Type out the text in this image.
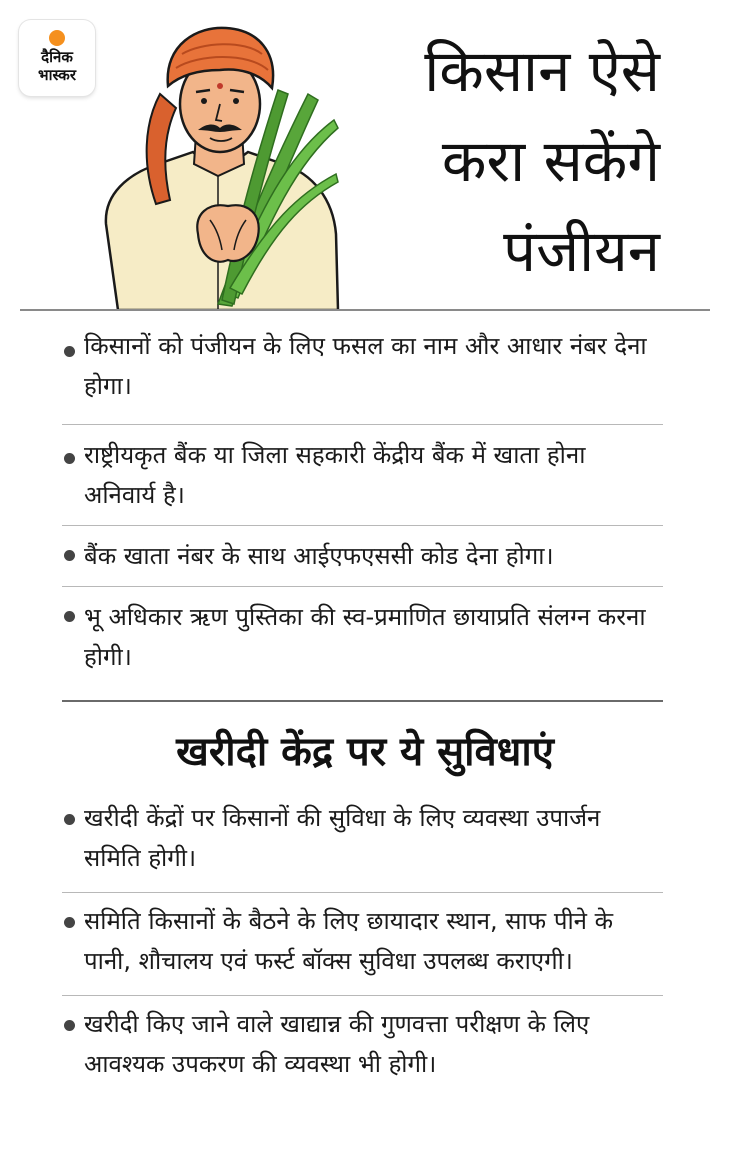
दैनिक
भास्कर	किसान ऐसे
करा सकेंगे
पंजीयन
किसानों को पंजीयन के लिए फसल का नाम और आधार नंबर देना होगा।
राष्ट्रीयकृत बैंक या जिला सहकारी केंद्रीय बैंक में खाता होना अनिवार्य है।
बैंक खाता नंबर के साथ आईएफएससी कोड देना होगा।
भू अधिकार ऋण पुस्तिका की स्व-प्रमाणित छायाप्रति संलग्न करना होगी।
खरीदी केंद्र पर ये सुविधाएं
खरीदी केंद्रों पर किसानों की सुविधा के लिए व्यवस्था उपार्जन समिति होगी।
समिति किसानों के बैठने के लिए छायादार स्थान, साफ पीने के पानी, शौचालय एवं फर्स्ट बॉक्स सुविधा उपलब्ध कराएगी।
खरीदी किए जाने वाले खाद्यान्न की गुणवत्ता परीक्षण के लिए आवश्यक उपकरण की व्यवस्था भी होगी।
